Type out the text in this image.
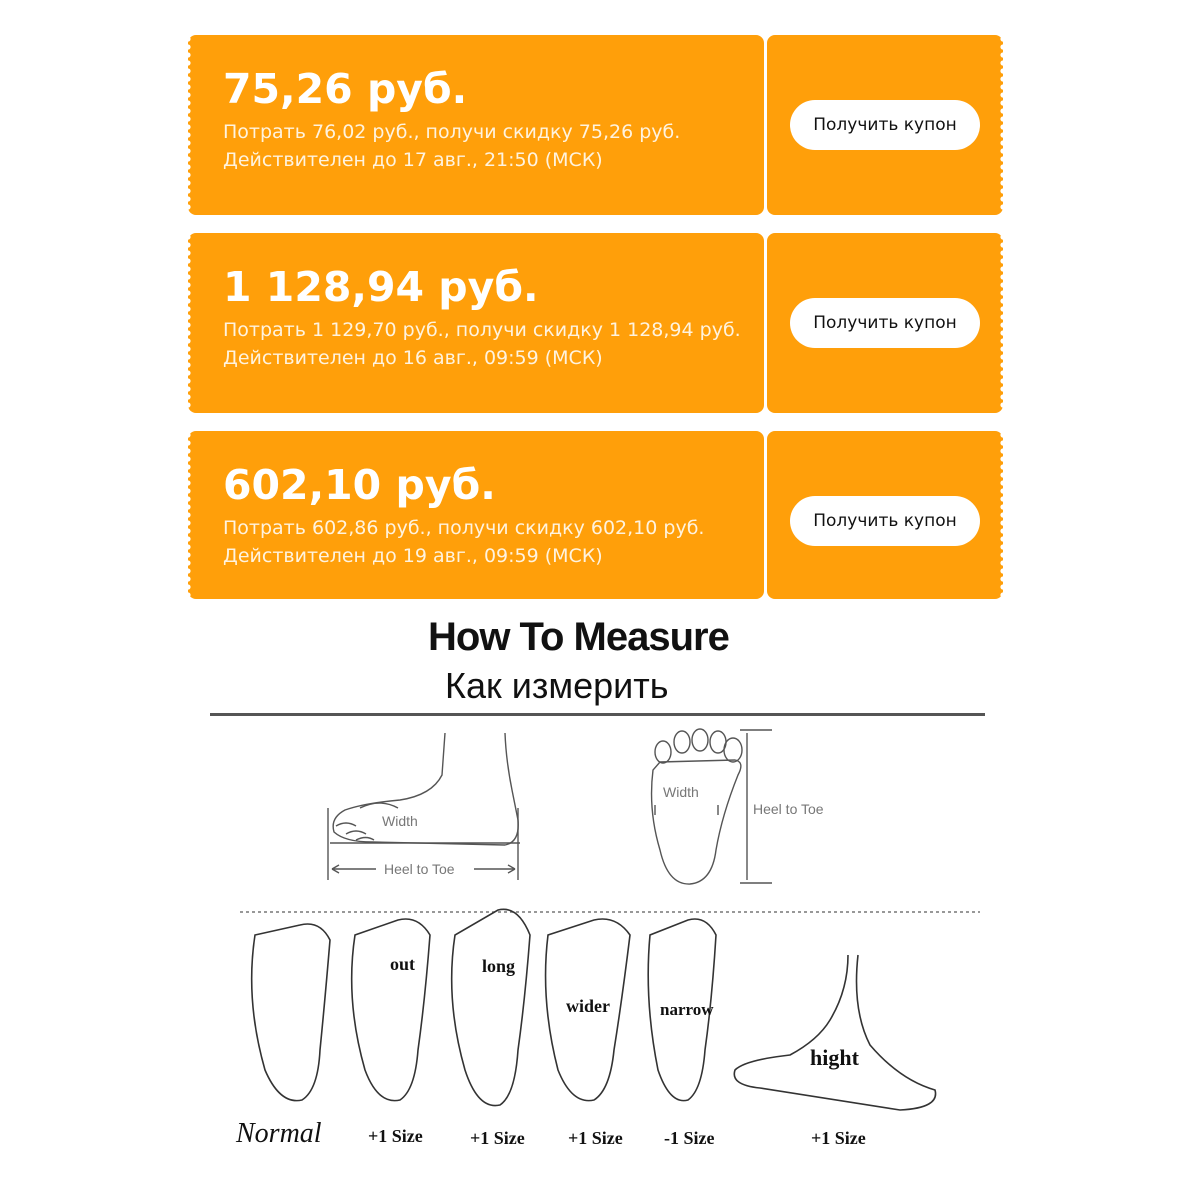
75,26 руб.
Потрать 76,02 руб., получи скидку 75,26 руб.
Действителен до 17 авг., 21:50 (МСК)
Получить купон
1 128,94 руб.
Потрать 1 129,70 руб., получи скидку 1 128,94 руб.
Действителен до 16 авг., 09:59 (МСК)
Получить купон
602,10 руб.
Потрать 602,86 руб., получи скидку 602,10 руб.
Действителен до 19 авг., 09:59 (МСК)
Получить купон
How To Measure
Как измерить
Width
Heel to Toe
Width
Heel to Toe
out	long
wider	narrow
hight
Normal	+1 Size	+1 Size +1 Size -1 Size	+1 Size
